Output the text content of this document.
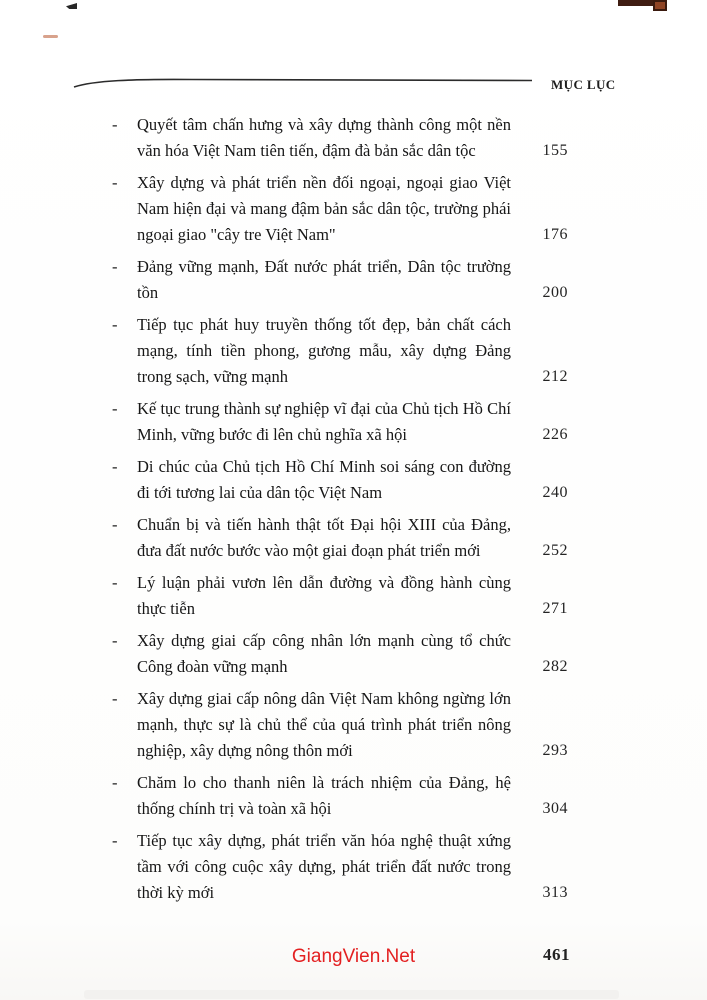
MỤC LỤC
-	Quyết tâm chấn hưng và xây dựng thành công một nền văn hóa Việt Nam tiên tiến, đậm đà bản sắc dân tộc	155
-	Xây dựng và phát triển nền đối ngoại, ngoại giao Việt Nam hiện đại và mang đậm bản sắc dân tộc, trường phái ngoại giao "cây tre Việt Nam"	176
-	Đảng vững mạnh, Đất nước phát triển, Dân tộc trường tồn	200
-	Tiếp tục phát huy truyền thống tốt đẹp, bản chất cách mạng, tính tiền phong, gương mẫu, xây dựng Đảng trong sạch, vững mạnh	212
-	Kế tục trung thành sự nghiệp vĩ đại của Chủ tịch Hồ Chí Minh, vững bước đi lên chủ nghĩa xã hội	226
-	Di chúc của Chủ tịch Hồ Chí Minh soi sáng con đường đi tới tương lai của dân tộc Việt Nam	240
-	Chuẩn bị và tiến hành thật tốt Đại hội XIII của Đảng, đưa đất nước bước vào một giai đoạn phát triển mới	252
-	Lý luận phải vươn lên dẫn đường và đồng hành cùng thực tiễn	271
-	Xây dựng giai cấp công nhân lớn mạnh cùng tổ chức Công đoàn vững mạnh	282
-	Xây dựng giai cấp nông dân Việt Nam không ngừng lớn mạnh, thực sự là chủ thể của quá trình phát triển nông nghiệp, xây dựng nông thôn mới	293
-	Chăm lo cho thanh niên là trách nhiệm của Đảng, hệ thống chính trị và toàn xã hội	304
-	Tiếp tục xây dựng, phát triển văn hóa nghệ thuật xứng tầm với công cuộc xây dựng, phát triển đất nước trong thời kỳ mới	313
GiangVien.Net	461
